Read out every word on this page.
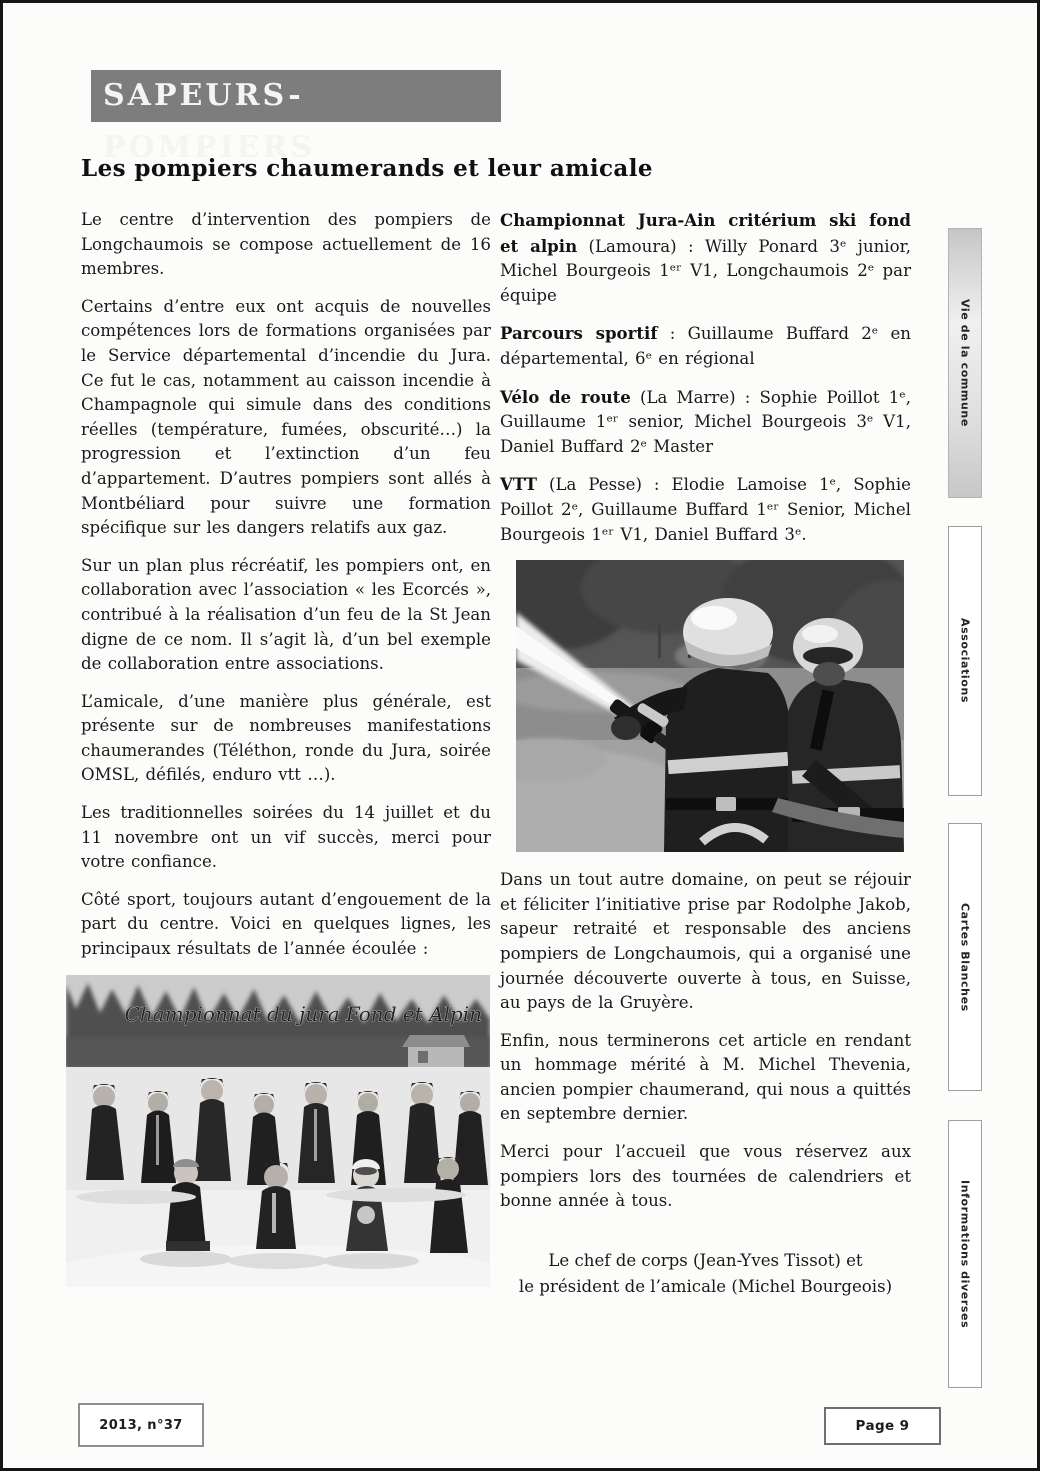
SAPEURS-POMPIERS
Les pompiers chaumerands et leur amicale

Le centre d’intervention des pompiers de Longchaumois se compose actuellement de 16 membres.

Certains d’entre eux ont acquis de nouvelles compétences lors de formations organisées par le Service départemental d’incendie du Jura. Ce fut le cas, notamment au caisson incendie à Champagnole qui simule dans des conditions réelles (température, fumées, obscurité…) la progression et l’extinction d’un feu d’appartement. D’autres pompiers sont allés à Montbéliard pour suivre une formation spécifique sur les dangers relatifs aux gaz.

Sur un plan plus récréatif, les pompiers ont, en collaboration avec l’association « les Ecorcés », contribué à la réalisation d’un feu de la St Jean digne de ce nom. Il s’agit là, d’un bel exemple de collaboration entre associations.

L’amicale, d’une manière plus générale, est présente sur de nombreuses manifestations chaumerandes (Téléthon, ronde du Jura, soirée OMSL, défilés, enduro vtt …).

Les traditionnelles soirées du 14 juillet et du 11 novembre ont un vif succès, merci pour votre confiance.

Côté sport, toujours autant d’engouement de la part du centre. Voici en quelques lignes, les principaux résultats de l’année écoulée :

Championnat du jura Fond et Alpin

Championnat Jura-Ain critérium ski fond et alpin (Lamoura) : Willy Ponard 3ᵉ junior, Michel Bourgeois 1ᵉʳ V1, Longchaumois 2ᵉ par équipe

Parcours sportif : Guillaume Buffard 2ᵉ en départemental, 6ᵉ en régional

Vélo de route (La Marre) : Sophie Poillot 1ᵉ, Guillaume 1ᵉʳ senior, Michel Bourgeois 3ᵉ V1, Daniel Buffard 2ᵉ Master

VTT (La Pesse) : Elodie Lamoise 1ᵉ, Sophie Poillot 2ᵉ, Guillaume Buffard 1ᵉʳ Senior, Michel Bourgeois 1ᵉʳ V1, Daniel Buffard 3ᵉ.

Dans un tout autre domaine, on peut se réjouir et féliciter l’initiative prise par Rodolphe Jakob, sapeur retraité et responsable des anciens pompiers de Longchaumois, qui a organisé une journée découverte ouverte à tous, en Suisse, au pays de la Gruyère.

Enfin, nous terminerons cet article en rendant un hommage mérité à M. Michel Thevenia, ancien pompier chaumerand, qui nous a quittés en septembre dernier.

Merci pour l’accueil que vous réservez aux pompiers lors des tournées de calendriers et bonne année à tous.

Le chef de corps (Jean-Yves Tissot) et
le président de l’amicale (Michel Bourgeois)
Vie de la commune
Associations
Cartes Blanches
Informations diverses
2013, n°37	Page 9
